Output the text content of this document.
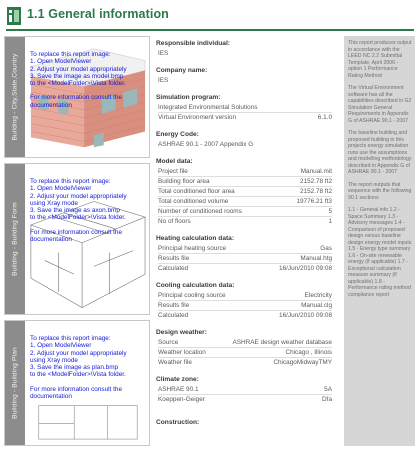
1.1 General information
Building - City,State,Country To replace this report image:
1. Open ModelViewer
2. Adjust your model appropriately
3. Save the image as model.bmp
to the <ModelFolder>\Vista folder.
For more information consult the
documentation
Building - Building Form
To replace this report image:
1. Open ModelViewer
2. Adjust your model appropriately
using Xray mode
3. Save the image as axon.bmp
to the <ModelFolder>\Vista folder.
For more information consult the
documentation
Building - Building Plan
To replace this report image:
1. Open ModelViewer
2. Adjust your model appropriately
using Xray mode
3. Save the image as plan.bmp
to the <ModelFolder>\Vista folder.
For more information consult the
documentation
Responsible individual:
IES
Company name:
IES
Simulation program:
Integrated Environmental Solutions
Virtual Environment version	6.1.0
Energy Code:
ASHRAE 90.1 - 2007 Appendix G
Model data:
Project file	Manual.mit
Building floor area	2152.78 ft2
Total conditioned floor area	2152.78 ft2
Total conditioned volume	19776.21 ft3
Number of conditioned rooms	5
No of floors	1
Heating calculation data:
Principal heating source	Gas
Results file	Manual.htg
Calculated	16/Jun/2010 09:08
Cooling calculation data:
Principal cooling source	Electricity
Results file	Manual.clg
Calculated	16/Jun/2010 09:08
Design weather:
Source	ASHRAE design weather database
Weather location	Chicago , Illinois
Weather file	ChicagoMidwayTMY
Climate zone:
ASHRAE 90.1	5A
Koeppen-Geiger	Dfa
Construction:

This report produces output in accordance with the LEED NC 2.2 Submittal Template, April 2006 - option 1 Performance Rating Method

The Virtual Environment software has all the capabilities described in G2 Simulation General Requirements in Appendix G of ASHRAE 90.1 - 2007

The baseline building and proposed building in this projects energy simulation runs use the assumptions and modelling methodology described in Appendix G of ASHRAE 90.1 - 2007

The report outputs that sequence with the following 90.1 sections

1.1 - General info 1.2 - Space Summary 1.3 - Advisory messages 1.4 - Comparison of proposed design versus baseline design energy model inputs 1.5 - Energy type summary 1.6 - On-site renewable energy (if applicable) 1.7 - Exceptional calculation measure summary (if applicable) 1.8 - Performance rating method compliance report
